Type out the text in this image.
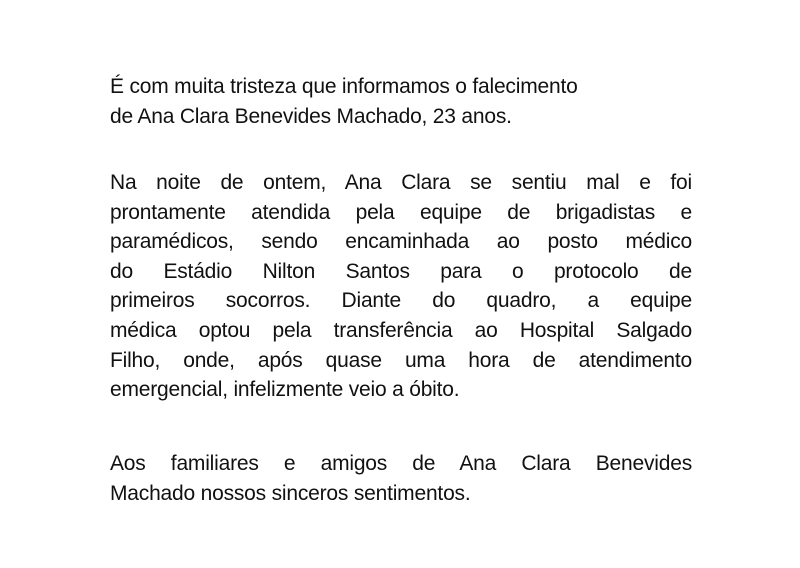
É com muita tristeza que informamos o falecimento
de Ana Clara Benevides Machado, 23 anos.

Na noite de ontem, Ana Clara se sentiu mal e foi
prontamente atendida pela equipe de brigadistas e
paramédicos, sendo encaminhada ao posto médico
do Estádio Nilton Santos para o protocolo de
primeiros socorros. Diante do quadro, a equipe
médica optou pela transferência ao Hospital Salgado
Filho, onde, após quase uma hora de atendimento
emergencial, infelizmente veio a óbito.

Aos familiares e amigos de Ana Clara Benevides
Machado nossos sinceros sentimentos.
